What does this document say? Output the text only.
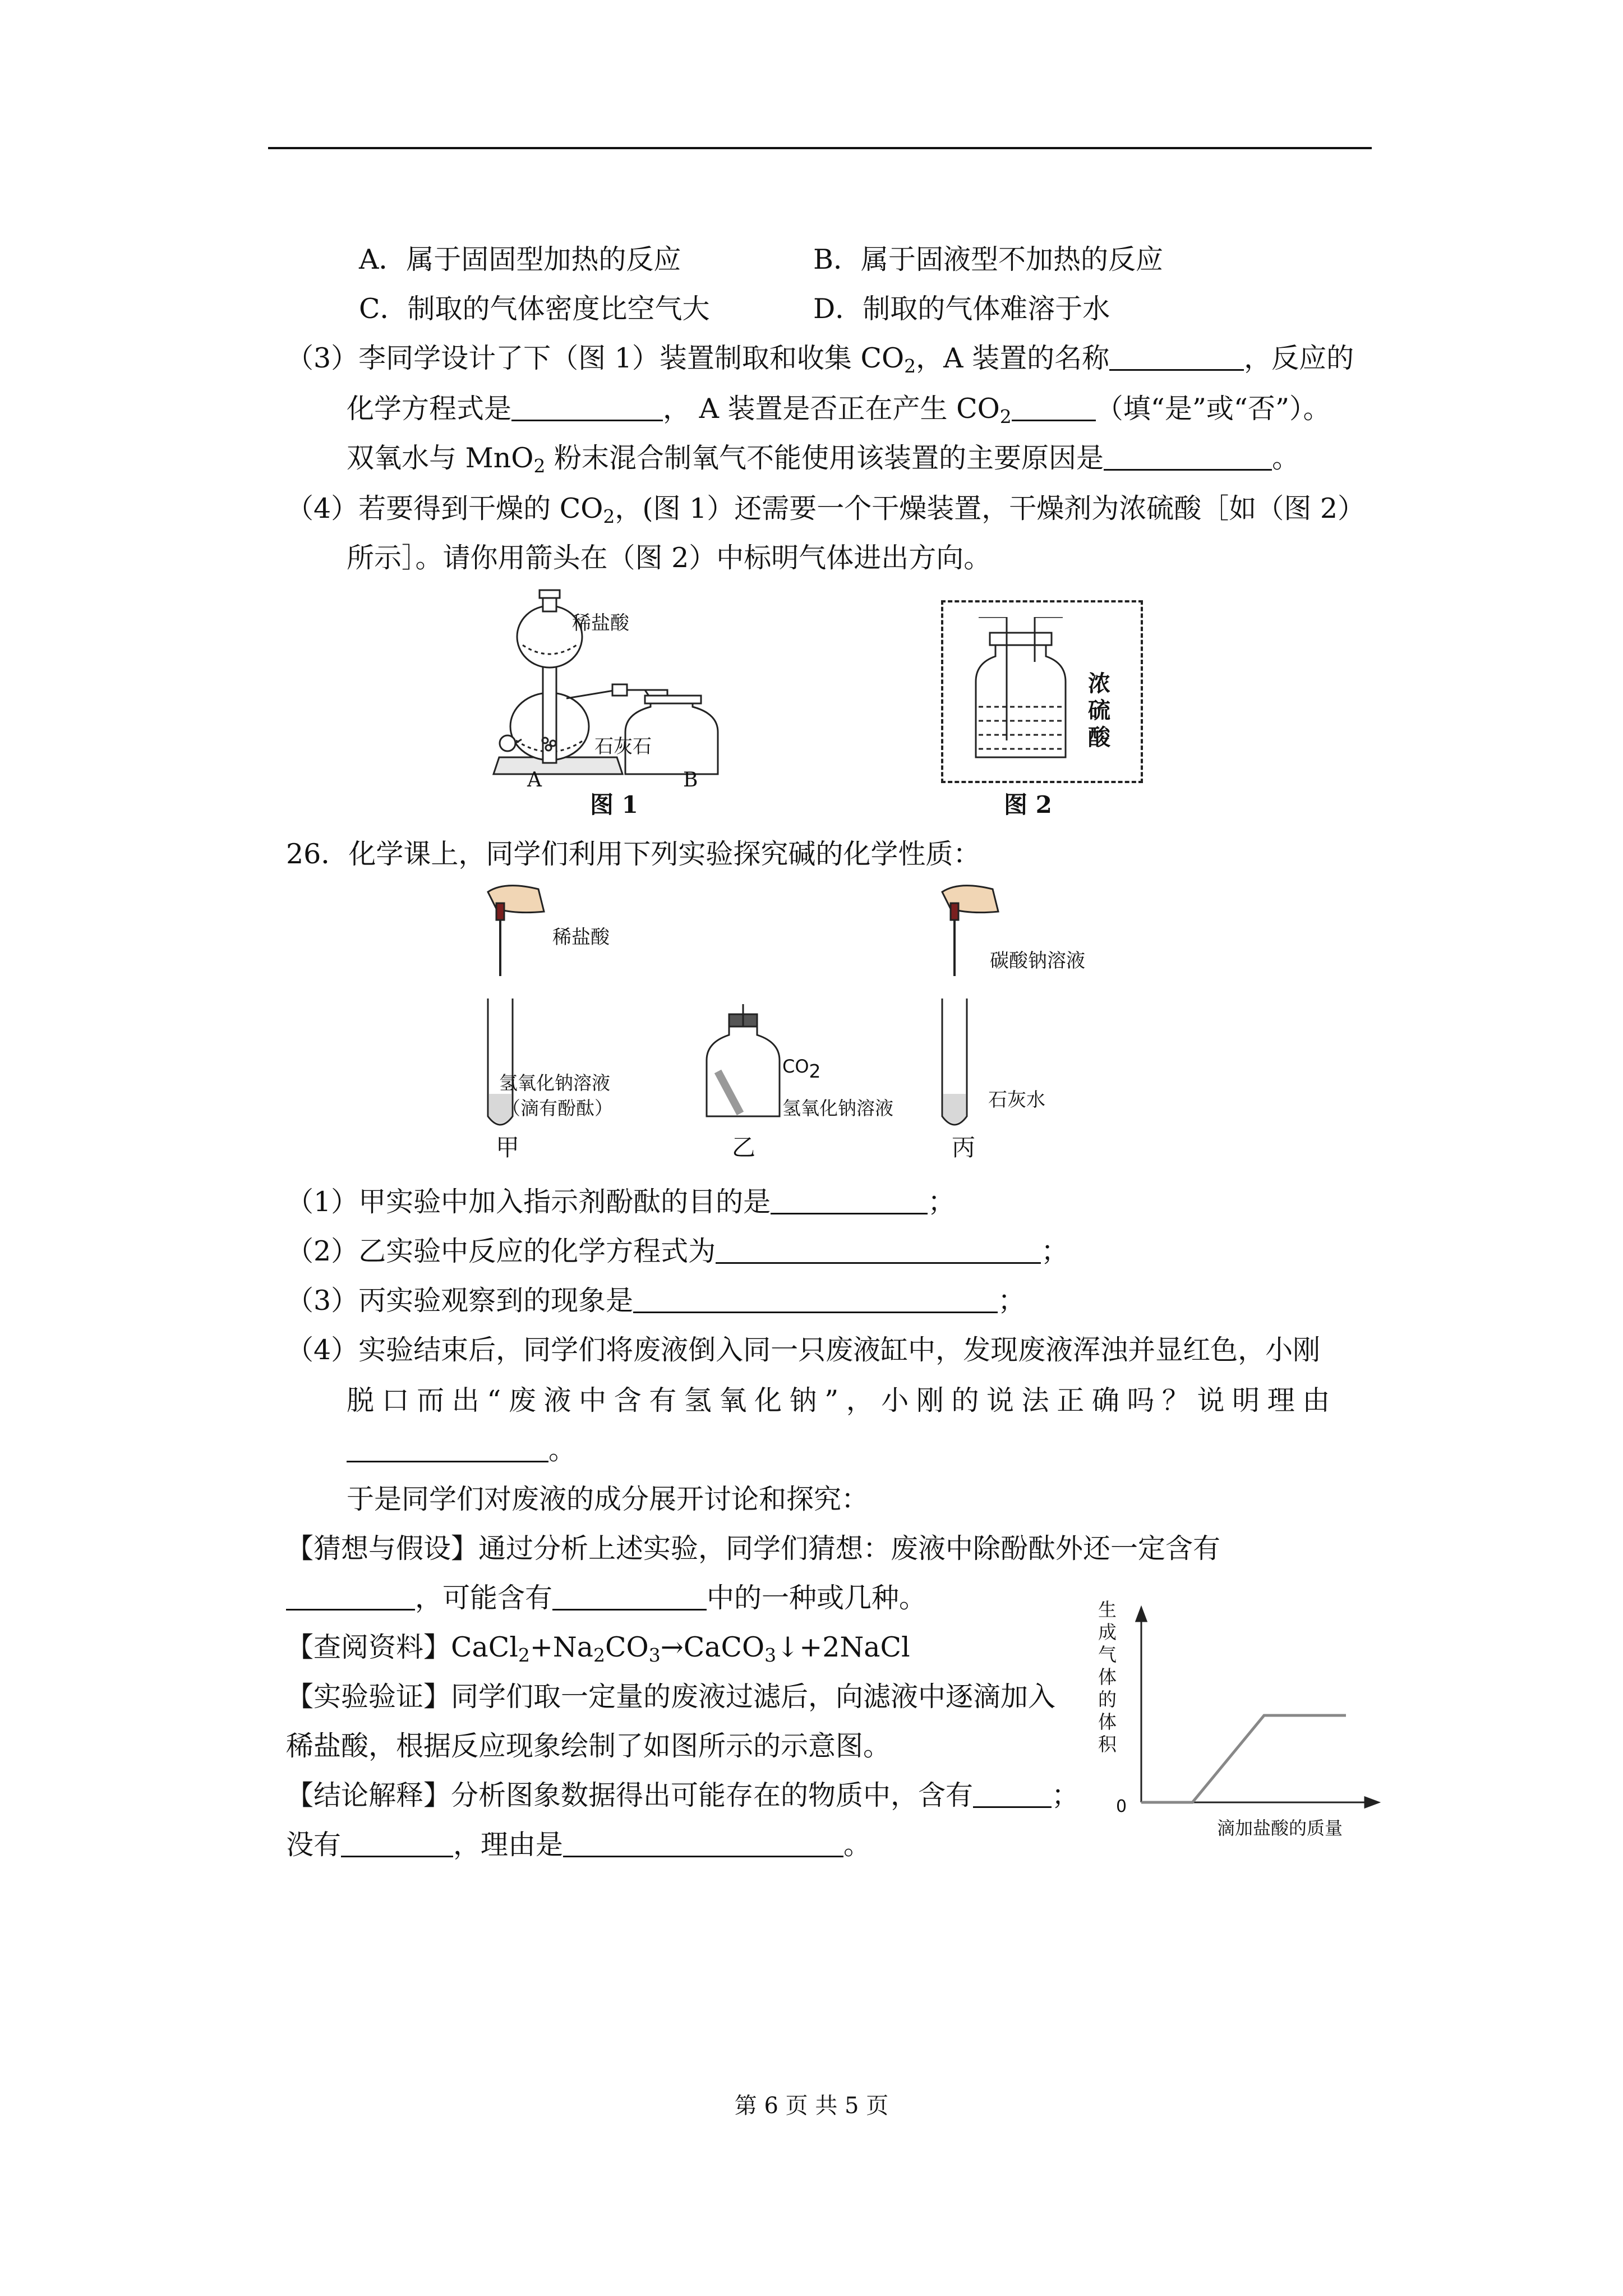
A．属于固固型加热的反应	B．属于固液型不加热的反应
C．制取的气体密度比空气大	D．制取的气体难溶于水
（3）李同学设计了下（图 1）装置制取和收集 $CO_2$，A 装置的名称	，反应的
化学方程式是	， A 装置是否正在产生 $CO_2$	（填“是”或“否”）。
双氧水与 MnO$_2$ 粉末混合制氧气不能使用该装置的主要原因是	。
（4）若要得到干燥的 $CO_2$，(图 1）还需要一个干燥装置，干燥剂为浓硫酸［如（图 2）
所示］。请你用箭头在（图 2）中标明气体进出方向。
稀盐酸
石灰石
A	B
图 1
浓硫酸
图 2
26．化学课上，同学们利用下列实验探究碱的化学性质：
稀盐酸
氢氧化钠溶液
（滴有酚酞）
甲
$CO_2$
氢氧化钠溶液
乙
碳酸钠溶液
石灰水
丙
（1）甲实验中加入指示剂酚酞的目的是	；
（2）乙实验中反应的化学方程式为	；
（3）丙实验观察到的现象是	；
（4）实验结束后，同学们将废液倒入同一只废液缸中，发现废液浑浊并显红色，小刚
脱 口 而 出 “ 废 液 中 含 有 氢 氧 化 钠 ” ， 小 刚 的 说 法 正 确 吗 ？ 说 明 理 由
。
于是同学们对废液的成分展开讨论和探究：
【猜想与假设】通过分析上述实验，同学们猜想：废液中除酚酞外还一定含有
，可能含有	中的一种或几种。
【查阅资料】$CaCl_2+Na_2CO_3\to CaCO_3↓+2NaCl$
【实验验证】同学们取一定量的废液过滤后，向滤液中逐滴加入
稀盐酸，根据反应现象绘制了如图所示的示意图。
【结论解释】分析图象数据得出可能存在的物质中，含有	；
没有	，理由是	。
生成气体的体积
0
滴加盐酸的质量
第 6 页 共 5 页
